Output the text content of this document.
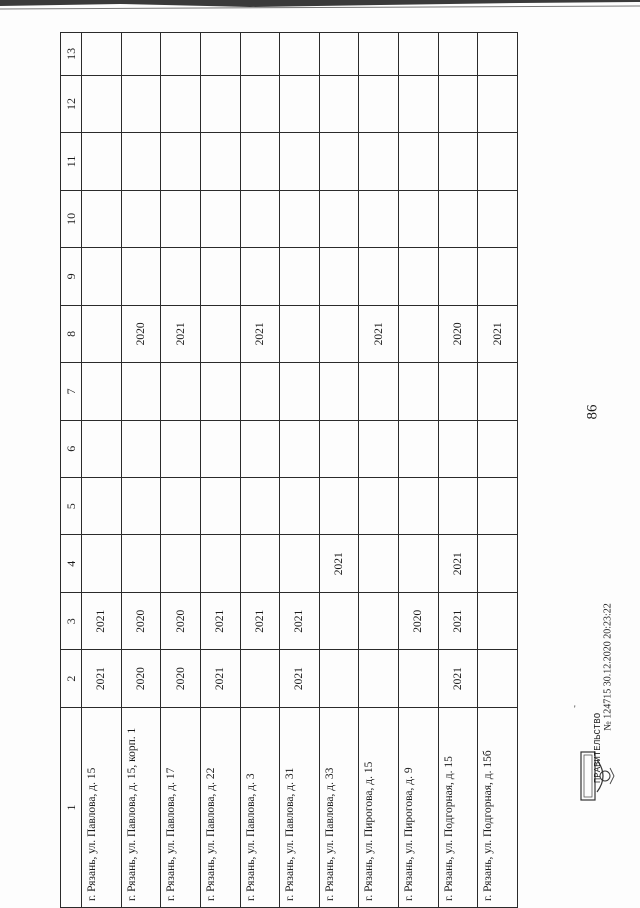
86
1	2	3	4	5	6	7	8	9	10	11	12	13
г. Рязань, ул. Павлова, д. 15	2021	2021										
г. Рязань, ул. Павлова, д. 15, корп. 1	2020	2020					2020					
г. Рязань, ул. Павлова, д. 17	2020	2020					2021					
г. Рязань, ул. Павлова, д. 22	2021	2021										
г. Рязань, ул. Павлова, д. 3		2021					2021					
г. Рязань, ул. Павлова, д. 31	2021	2021										
г. Рязань, ул. Павлова, д. 33			2021									
г. Рязань, ул. Пирогова, д. 15							2021					
г. Рязань, ул. Пирогова, д. 9		2020										
г. Рязань, ул. Подгорная, д. 15	2021	2021	2021				2020					
г. Рязань, ул. Подгорная, д. 15б							2021					
ПРАВИТЕЛЬСТВО
'	№ 124715 30.12.2020 20:23:22
